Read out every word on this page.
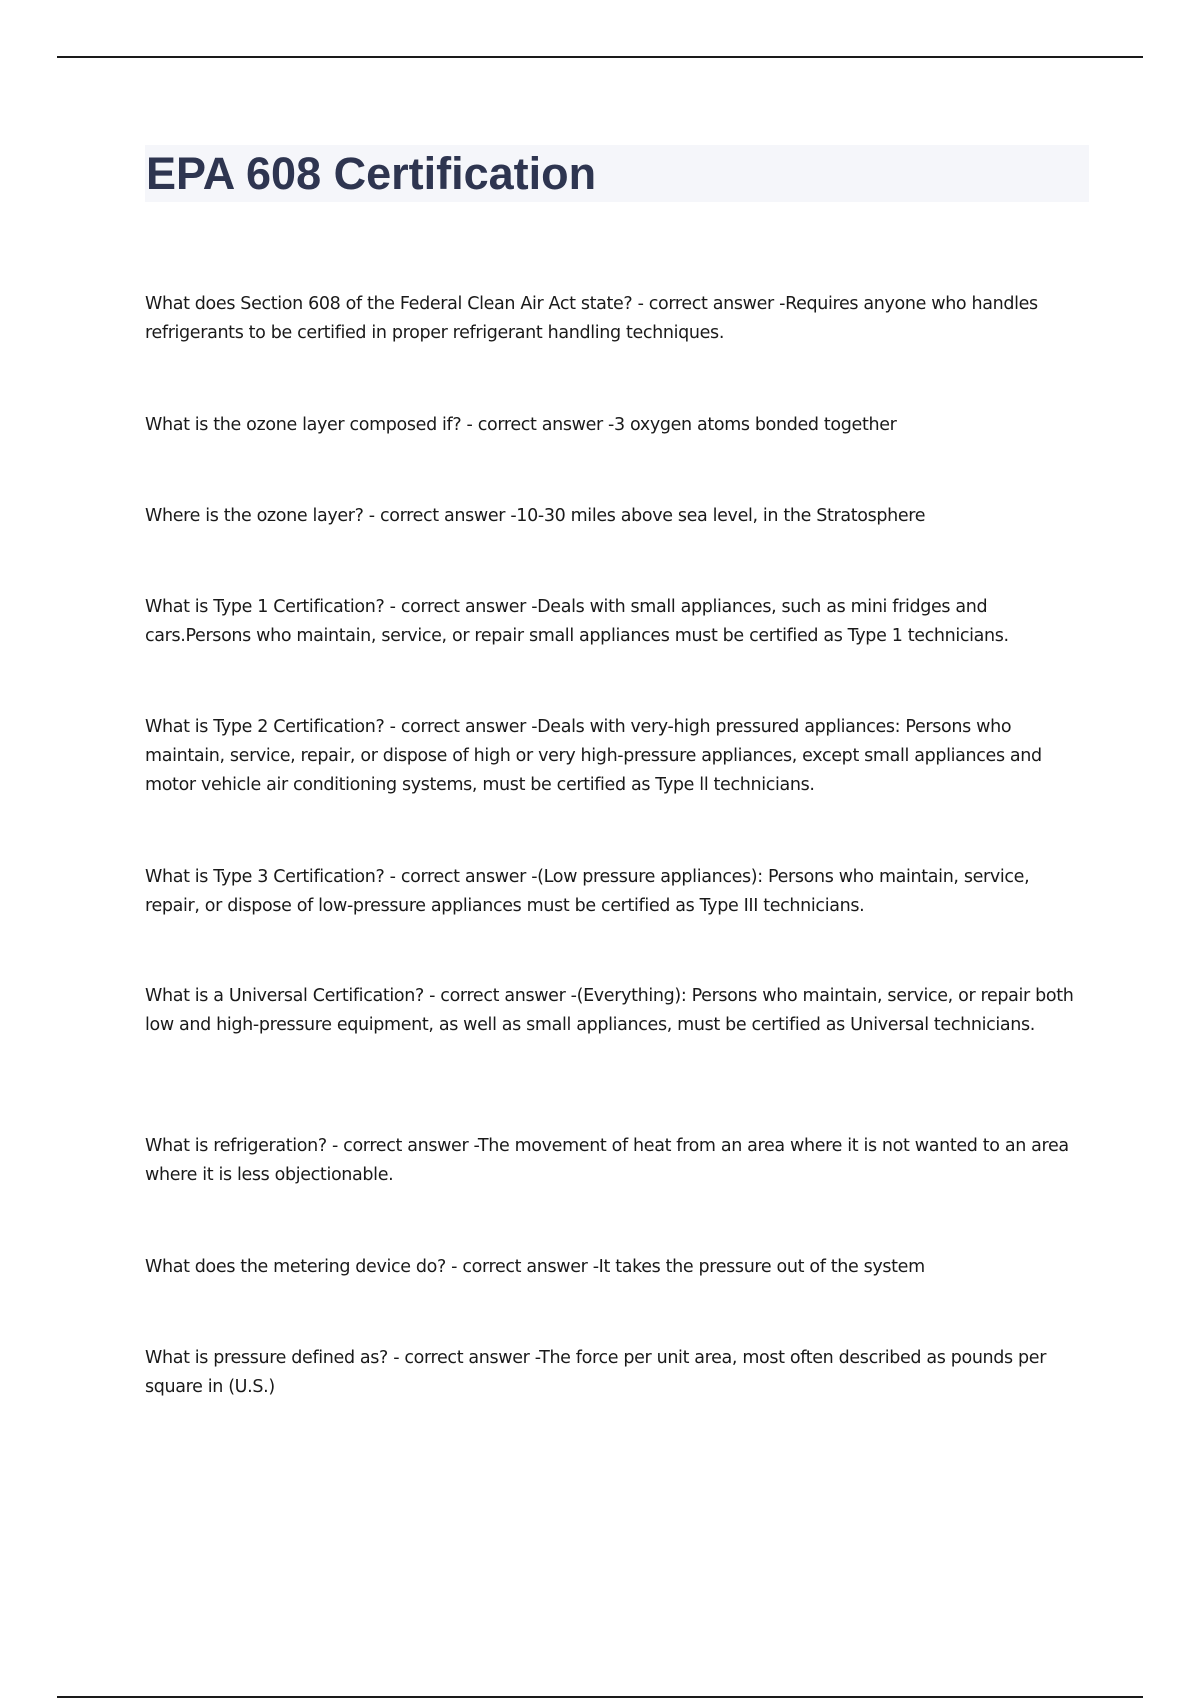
EPA 608 Certification
What does Section 608 of the Federal Clean Air Act state? - correct answer -Requires anyone who handles refrigerants to be certified in proper refrigerant handling techniques.
What is the ozone layer composed if? - correct answer -3 oxygen atoms bonded together
Where is the ozone layer? - correct answer -10-30 miles above sea level, in the Stratosphere
What is Type 1 Certification? - correct answer -Deals with small appliances, such as mini fridges and cars.Persons who maintain, service, or repair small appliances must be certified as Type 1 technicians.
What is Type 2 Certification? - correct answer -Deals with very-high pressured appliances: Persons who maintain, service, repair, or dispose of high or very high-pressure appliances, except small appliances and motor vehicle air conditioning systems, must be certified as Type ll technicians.
What is Type 3 Certification? - correct answer -(Low pressure appliances): Persons who maintain, service, repair, or dispose of low-pressure appliances must be certified as Type III technicians.
What is a Universal Certification? - correct answer -(Everything): Persons who maintain, service, or repair both low and high-pressure equipment, as well as small appliances, must be certified as Universal technicians.
What is refrigeration? - correct answer -The movement of heat from an area where it is not wanted to an area where it is less objectionable.
What does the metering device do? - correct answer -It takes the pressure out of the system
What is pressure defined as? - correct answer -The force per unit area, most often described as pounds per square in (U.S.)
